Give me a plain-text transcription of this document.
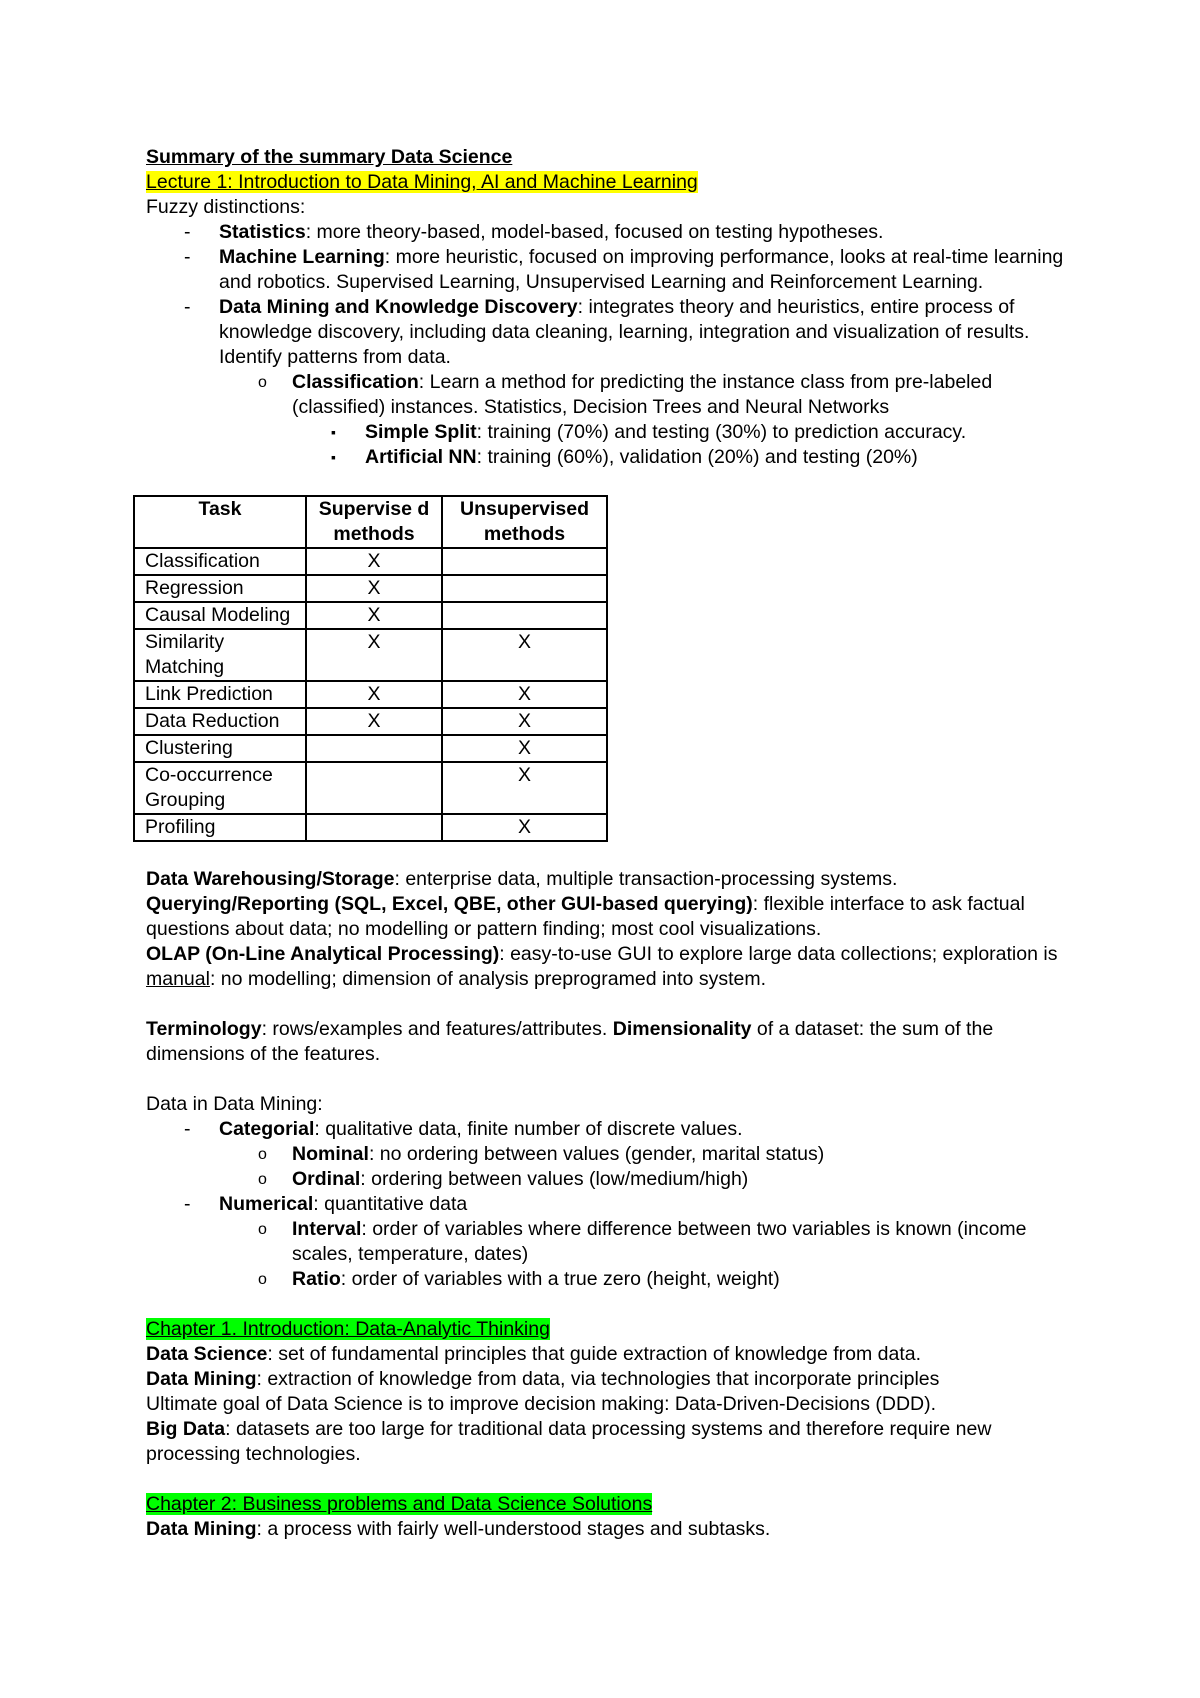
Summary of the summary Data Science

Lecture 1: Introduction to Data Mining, AI and Machine Learning

Fuzzy distinctions:

- Statistics: more theory-based, model-based, focused on testing hypotheses.
- Machine Learning: more heuristic, focused on improving performance, looks at real-time learning and robotics. Supervised Learning, Unsupervised Learning and Reinforcement Learning.
- Data Mining and Knowledge Discovery: integrates theory and heuristics, entire process of knowledge discovery, including data cleaning, learning, integration and visualization of results. Identify patterns from data.
o Classification: Learn a method for predicting the instance class from pre-labeled (classified) instances. Statistics, Decision Trees and Neural Networks
▪ Simple Split: training (70%) and testing (30%) to prediction accuracy.
▪ Artificial NN: training (60%), validation (20%) and testing (20%)
Task	Supervise d methods	Unsupervised methods
Classification	X	
Regression	X	
Causal Modeling	X	
Similarity Matching	X	X
Link Prediction	X	X
Data Reduction	X	X
Clustering		X
Co-occurrence Grouping		X
Profiling		X

Data Warehousing/Storage: enterprise data, multiple transaction-processing systems.

Querying/Reporting (SQL, Excel, QBE, other GUI-based querying): flexible interface to ask factual questions about data; no modelling or pattern finding; most cool visualizations.

OLAP (On-Line Analytical Processing): easy-to-use GUI to explore large data collections; exploration is manual: no modelling; dimension of analysis preprogramed into system.

Terminology: rows/examples and features/attributes. Dimensionality of a dataset: the sum of the dimensions of the features.

Data in Data Mining:

- Categorial: qualitative data, finite number of discrete values.
o Nominal: no ordering between values (gender, marital status)
o Ordinal: ordering between values (low/medium/high)
- Numerical: quantitative data
o Interval: order of variables where difference between two variables is known (income scales, temperature, dates)
o Ratio: order of variables with a true zero (height, weight)

Chapter 1. Introduction: Data-Analytic Thinking

Data Science: set of fundamental principles that guide extraction of knowledge from data.

Data Mining: extraction of knowledge from data, via technologies that incorporate principles

Ultimate goal of Data Science is to improve decision making: Data-Driven-Decisions (DDD).

Big Data: datasets are too large for traditional data processing systems and therefore require new processing technologies.

Chapter 2: Business problems and Data Science Solutions

Data Mining: a process with fairly well-understood stages and subtasks.
